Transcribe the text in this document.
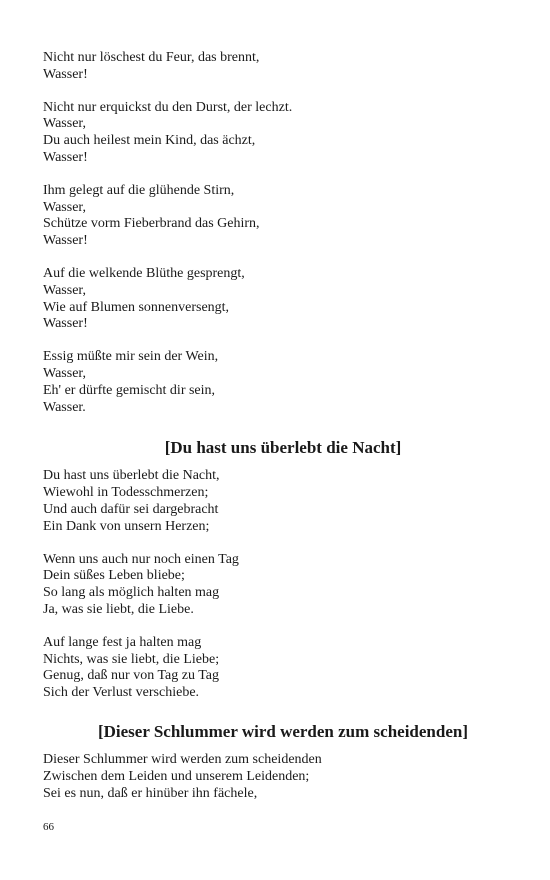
Nicht nur löschest du Feur, das brennt,
Wasser!
Nicht nur erquickst du den Durst, der lechzt.
Wasser,
Du auch heilest mein Kind, das ächzt,
Wasser!
Ihm gelegt auf die glühende Stirn,
Wasser,
Schütze vorm Fieberbrand das Gehirn,
Wasser!
Auf die welkende Blüthe gesprengt,
Wasser,
Wie auf Blumen sonnenversengt,
Wasser!
Essig müßte mir sein der Wein,
Wasser,
Eh' er dürfte gemischt dir sein,
Wasser.
[Du hast uns überlebt die Nacht]
Du hast uns überlebt die Nacht,
Wiewohl in Todesschmerzen;
Und auch dafür sei dargebracht
Ein Dank von unsern Herzen;
Wenn uns auch nur noch einen Tag
Dein süßes Leben bliebe;
So lang als möglich halten mag
Ja, was sie liebt, die Liebe.
Auf lange fest ja halten mag
Nichts, was sie liebt, die Liebe;
Genug, daß nur von Tag zu Tag
Sich der Verlust verschiebe.
[Dieser Schlummer wird werden zum scheidenden]
Dieser Schlummer wird werden zum scheidenden
Zwischen dem Leiden und unserem Leidenden;
Sei es nun, daß er hinüber ihn fächele,
66
